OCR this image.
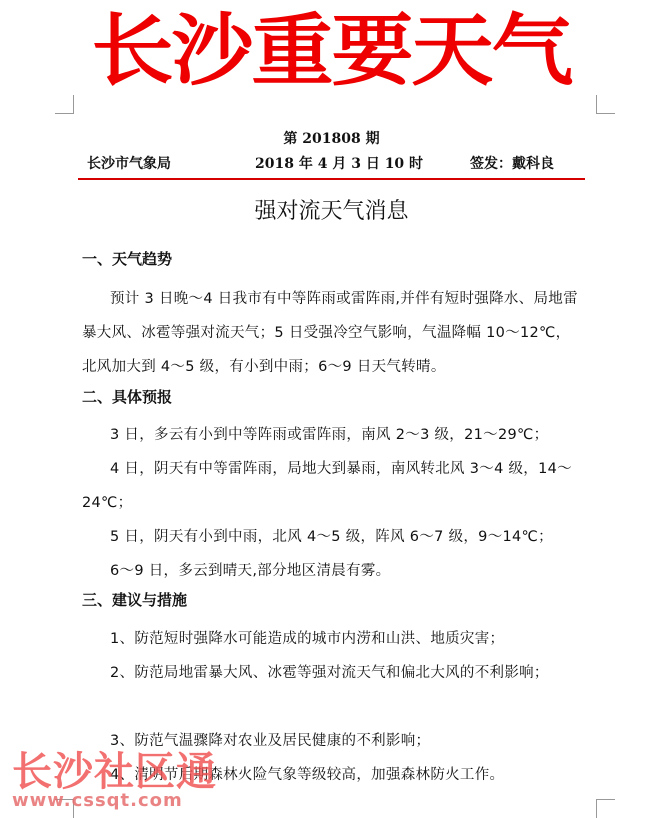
长沙重要天气
第 201808 期
长沙市气象局	2018 年 4 月 3 日 10 时	签发：戴科良
强对流天气消息
一、天气趋势
预计 3 日晚～4 日我市有中等阵雨或雷阵雨,并伴有短时强降水、局地雷暴大风、冰雹等强对流天气；5 日受强冷空气影响，气温降幅 10～12℃，北风加大到 4～5 级，有小到中雨；6～9 日天气转晴。
二、具体预报
3 日，多云有小到中等阵雨或雷阵雨，南风 2～3 级，21～29℃；
4 日，阴天有中等雷阵雨，局地大到暴雨，南风转北风 3～4 级，14～24℃；
5 日，阴天有小到中雨，北风 4～5 级，阵风 6～7 级，9～14℃；
6～9 日，多云到晴天,部分地区清晨有雾。
三、建议与措施
1、防范短时强降水可能造成的城市内涝和山洪、地质灾害；
2、防范局地雷暴大风、冰雹等强对流天气和偏北大风的不利影响；
3、防范气温骤降对农业及居民健康的不利影响；
4、清明节后期森林火险气象等级较高，加强森林防火工作。
长沙社区通
www.cssqt.com
